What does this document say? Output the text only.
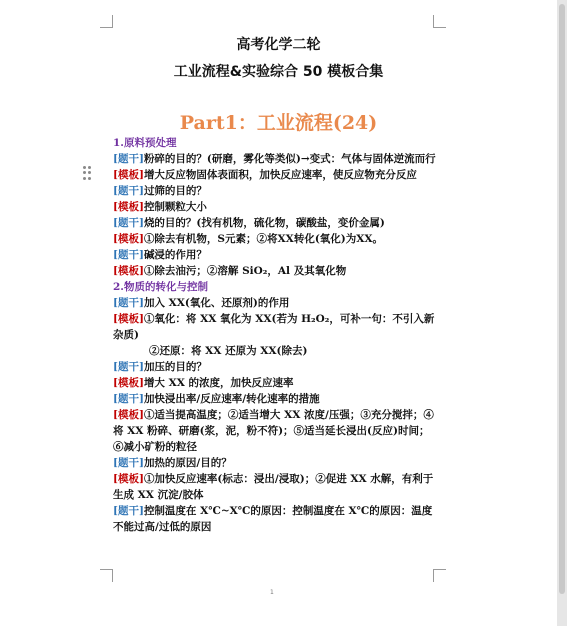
高考化学二轮
工业流程&实验综合 50 模板合集
Part1：工业流程(24)
1.原料预处理
[题干]粉碎的目的？(研磨，雾化等类似)→变式：气体与固体逆流而行
[模板]增大反应物固体表面积，加快反应速率，使反应物充分反应
[题干]过筛的目的？
[模板]控制颗粒大小
[题干]烧的目的？(找有机物，硫化物，碳酸盐，变价金属)
[模板]①除去有机物，S元素；②将XX转化(氧化)为XX。
[题干]碱浸的作用？
[模板]①除去油污；②溶解 SiO₂，Al 及其氧化物
2.物质的转化与控制
[题干]加入 XX(氧化、还原剂)的作用
[模板]①氧化：将 XX 氧化为 XX(若为 H₂O₂，可补一句：不引入新杂质)
②还原：将 XX 还原为 XX(除去)
[题干]加压的目的？
[模板]增大 XX 的浓度，加快反应速率
[题干]加快浸出率/反应速率/转化速率的措施
[模板]①适当提高温度；②适当增大 XX 浓度/压强；③充分搅拌；④将 XX 粉碎、研磨(浆，泥，粉不符)；⑤适当延长浸出(反应)时间；⑥减小矿粉的粒径
[题干]加热的原因/目的？
[模板]①加快反应速率(标志：浸出/浸取)；②促进 XX 水解，有利于生成 XX 沉淀/胶体
[题干]控制温度在 X℃~X℃的原因：控制温度在 X℃的原因：温度不能过高/过低的原因
1
